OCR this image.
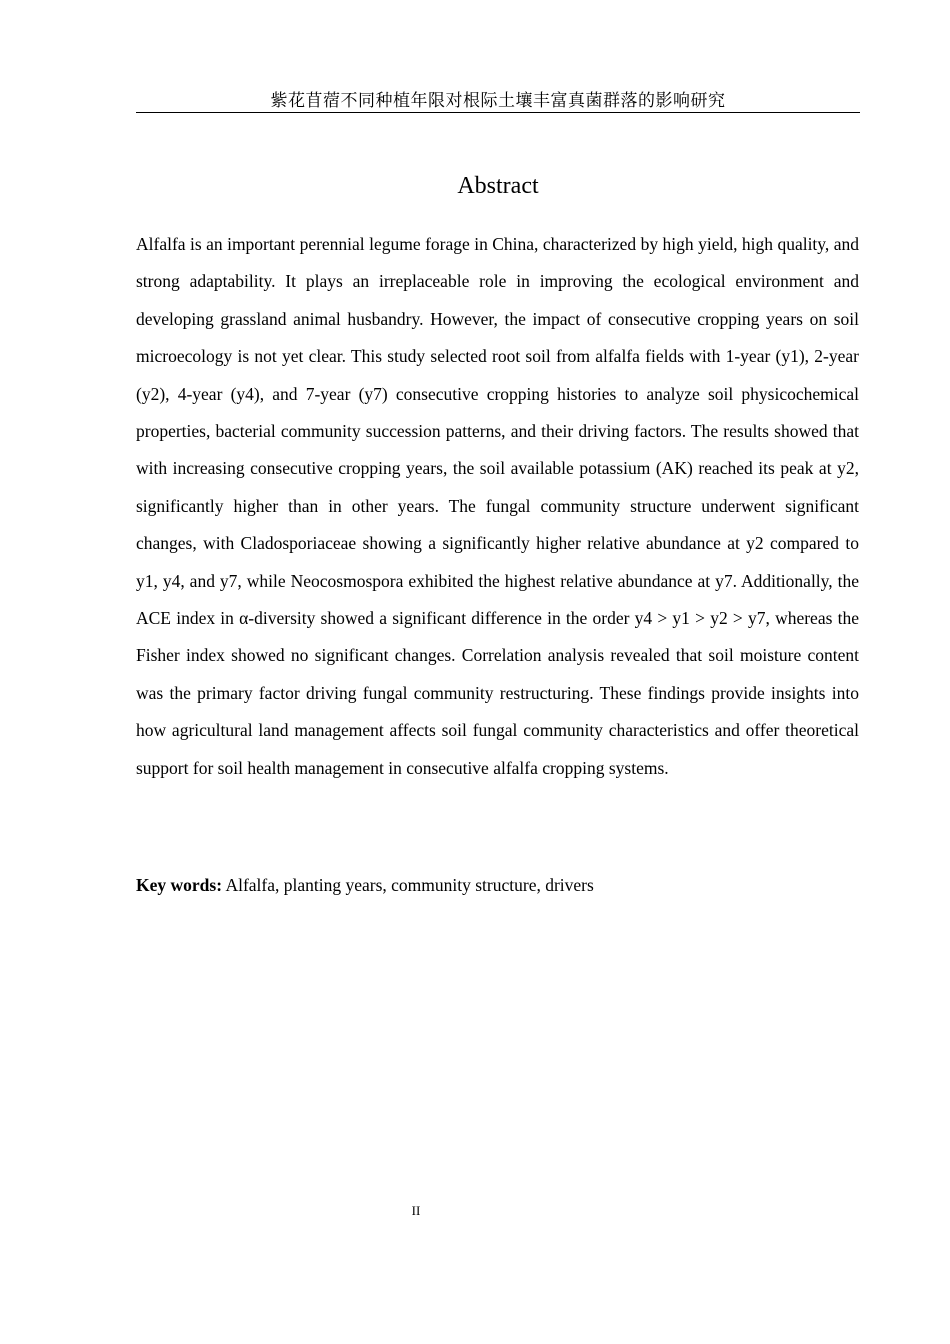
紫花苜蓿不同种植年限对根际土壤丰富真菌群落的影响研究
Abstract

Alfalfa is an important perennial legume forage in China, characterized by high yield, high quality, and strong adaptability. It plays an irreplaceable role in improving the ecological environment and developing grassland animal husbandry. However, the impact of consecutive cropping years on soil microecology is not yet clear. This study selected root soil from alfalfa fields with 1-year (y1), 2-year (y2), 4-year (y4), and 7-year (y7) consecutive cropping histories to analyze soil physicochemical properties, bacterial community succession patterns, and their driving factors. The results showed that with increasing consecutive cropping years, the soil available potassium (AK) reached its peak at y2, significantly higher than in other years. The fungal community structure underwent significant changes, with Cladosporiaceae showing a significantly higher relative abundance at y2 compared to y1, y4, and y7, while Neocosmospora exhibited the highest relative abundance at y7. Additionally, the ACE index in α-diversity showed a significant difference in the order y4 > y1 > y2 > y7, whereas the Fisher index showed no significant changes. Correlation analysis revealed that soil moisture content was the primary factor driving fungal community restructuring. These findings provide insights into how agricultural land management affects soil fungal community characteristics and offer theoretical support for soil health management in consecutive alfalfa cropping systems.

Key words: Alfalfa, planting years, community structure, drivers

II
